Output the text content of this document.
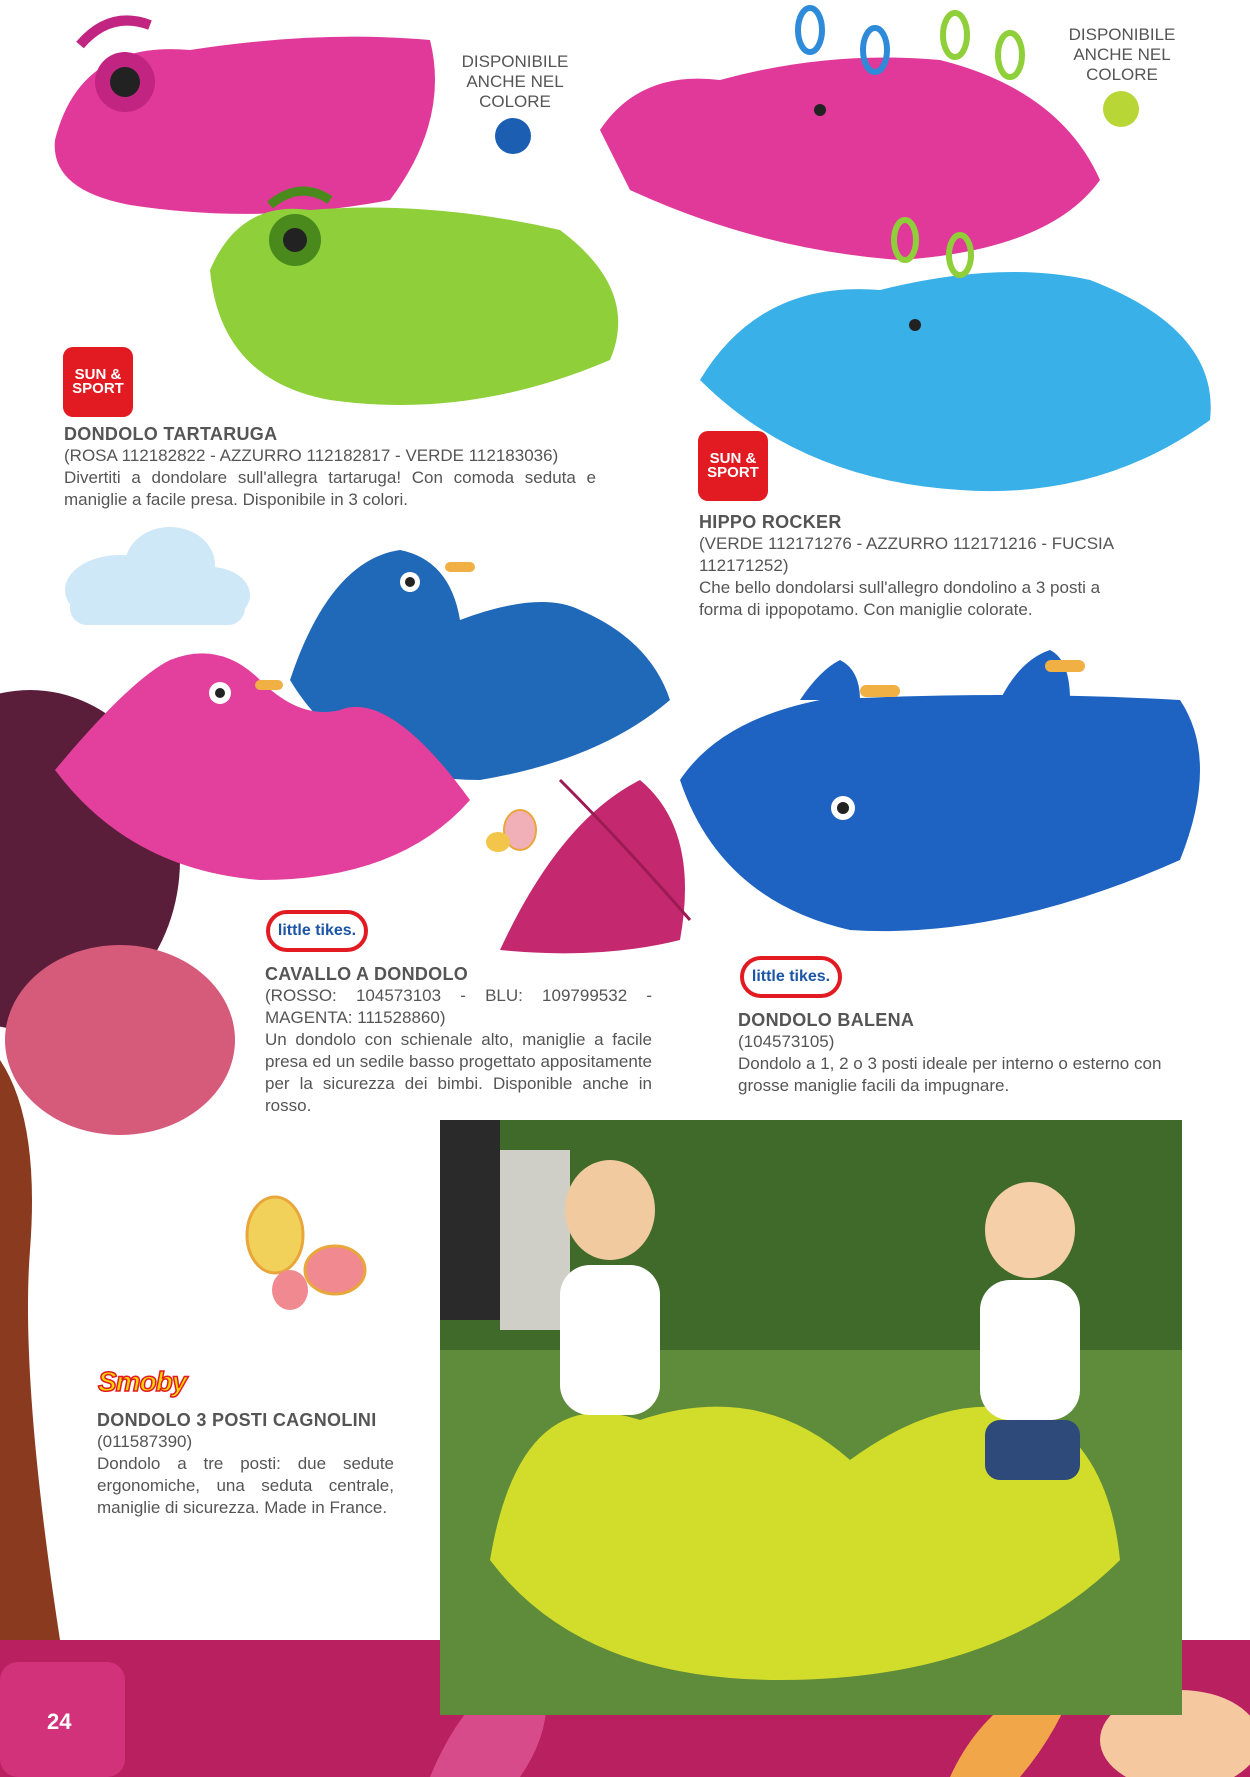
DISPONIBILE
ANCHE NEL
COLORE
DISPONIBILE
ANCHE NEL
COLORE
SUN & SPORT
DONDOLO TARTARUGA
(ROSA 112182822 - AZZURRO 112182817 - VERDE 112183036)
Divertiti a dondolare sull'allegra tartaruga! Con comoda seduta e maniglie a facile presa. Disponibile in 3 colori.
SUN & SPORT
HIPPO ROCKER
(VERDE 112171276 - AZZURRO 112171216 - FUCSIA 112171252)
Che bello dondolarsi sull'allegro dondolino a 3 posti a forma di ippopotamo. Con maniglie colorate.
little tikes.
CAVALLO A DONDOLO
(ROSSO: 104573103 - BLU: 109799532 - MAGENTA: 111528860)
Un dondolo con schienale alto, maniglie a facile presa ed un sedile basso progettato appositamente per la sicurezza dei bimbi. Disponible anche in rosso.
little tikes.
DONDOLO BALENA
(104573105)
Dondolo a 1, 2 o 3 posti ideale per interno o esterno con grosse maniglie facili da impugnare.
Smoby
DONDOLO 3 POSTI CAGNOLINI
(011587390)
Dondolo a tre posti: due sedute ergonomiche, una seduta centrale, maniglie di sicurezza. Made in France.
24
